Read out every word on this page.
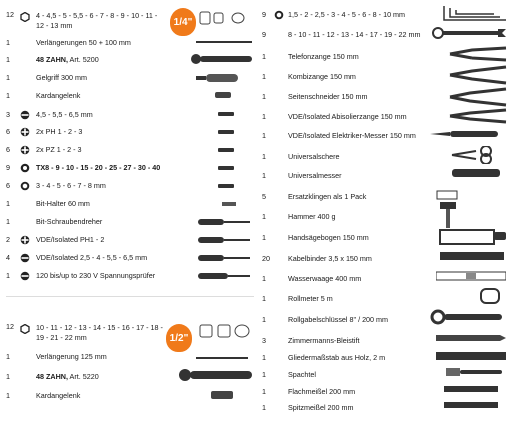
12	4 - 4,5 - 5 - 5,5 - 6 - 7 - 8 - 9 - 10 - 11 - 12 - 13 mm
1	Verlängerungen 50 + 100 mm
1	48 ZAHN, Art. 5200
1	Gelgriff 300 mm
1	Kardangelenk
3	4,5 - 5,5 - 6,5 mm
6	2x PH 1 - 2 - 3
6	2x PZ 1 - 2 - 3
9	TX8 - 9 - 10 - 15 - 20 - 25 - 27 - 30 - 40
6	3 - 4 - 5 - 6 - 7 - 8 mm
1	Bit-Halter 60 mm
1	Bit-Schraubendreher
2	VDE/Isolated PH1 - 2
4	VDE/Isolated 2,5 - 4 - 5,5 - 6,5 mm
1	120 bis/up to 230 V Spannungsprüfer
12	10 - 11 - 12 - 13 - 14 - 15 - 16 - 17 - 18 - 19 - 21 - 22 mm
1	Verlängerung 125 mm
1	48 ZAHN, Art. 5220
1	Kardangelenk
1/4"
1/2"
9	1,5 - 2 - 2,5 - 3 - 4 - 5 - 6 - 8 - 10 mm
9	8 - 10 - 11 - 12 - 13 - 14 - 17 - 19 - 22 mm
1	Telefonzange 150 mm
1	Kombizange 150 mm
1	Seitenschneider 150 mm
1	VDE/Isolated Abisolierzange 150 mm
1	VDE/Isolated Elektriker-Messer 150 mm
1	Universalschere
1	Universalmesser
5	Ersatzklingen als 1 Pack
1	Hammer 400 g
1	Handsägebogen 150 mm
20	Kabelbinder 3,5 x 150 mm
1	Wasserwaage 400 mm
1	Rollmeter 5 m
1	Rollgabelschlüssel 8" / 200 mm
3	Zimmermanns-Bleistift
1	Gliedermaßstab aus Holz, 2 m
1	Spachtel
1	Flachmeißel 200 mm
1	Spitzmeißel 200 mm
